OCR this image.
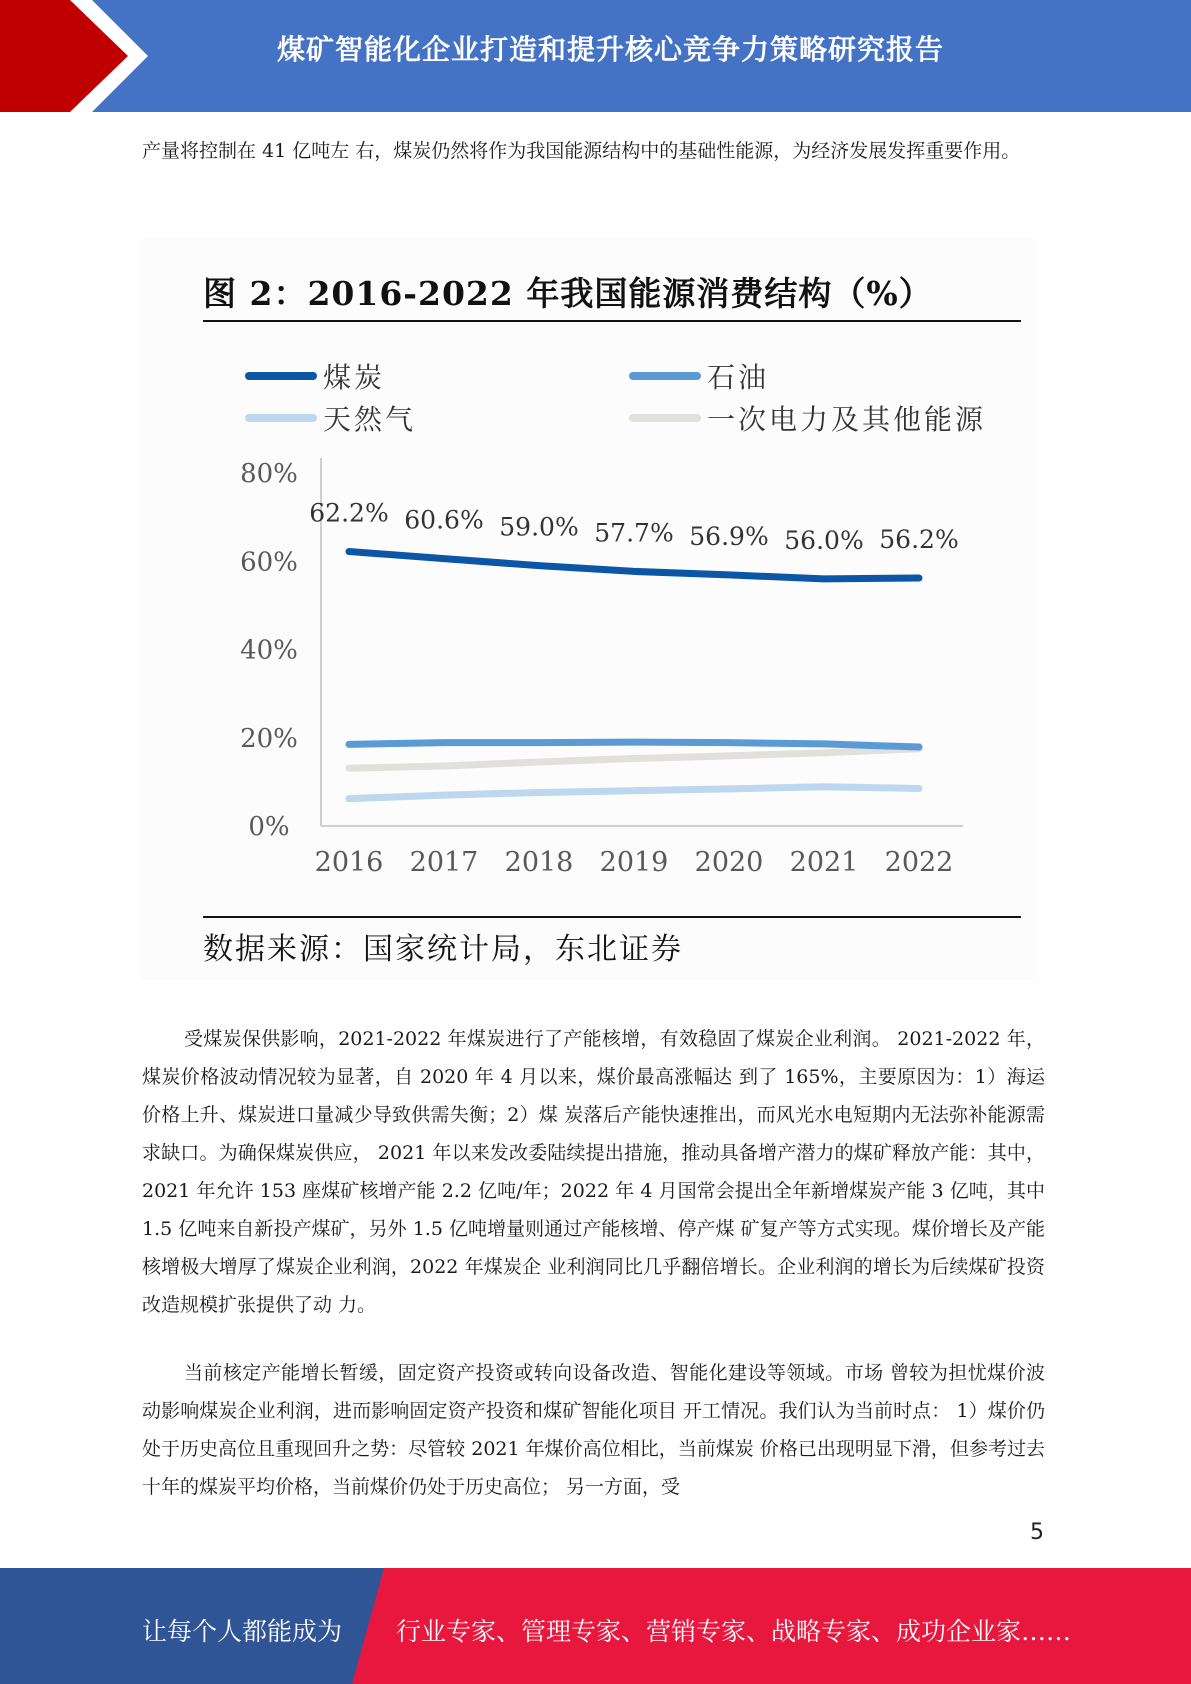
煤矿智能化企业打造和提升核心竞争力策略研究报告

产量将控制在 41 亿吨左 右，煤炭仍然将作为我国能源结构中的基础性能源，为经济发展发挥重要作用。

图 2：2016-2022 年我国能源消费结构（%）
煤炭	石油
天然气	一次电力及其他能源
0%
20%
40%
60%
80%
2016 2017 2018 2019 2020 2021 2022
62.2% 60.6% 59.0% 57.7% 56.9% 56.0% 56.2%
数据来源：国家统计局，东北证券

受煤炭保供影响，2021-2022 年煤炭进行了产能核增，有效稳固了煤炭企业利润。 2021-2022 年，煤炭价格波动情况较为显著，自 2020 年 4 月以来，煤价最高涨幅达 到了 165%，主要原因为：1）海运价格上升、煤炭进口量减少导致供需失衡；2）煤 炭落后产能快速推出，而风光水电短期内无法弥补能源需求缺口。为确保煤炭供应， 2021 年以来发改委陆续提出措施，推动具备增产潜力的煤矿释放产能：其中，2021 年允许 153 座煤矿核增产能 2.2 亿吨/年；2022 年 4 月国常会提出全年新增煤炭产能 3 亿吨，其中 1.5 亿吨来自新投产煤矿，另外 1.5 亿吨增量则通过产能核增、停产煤 矿复产等方式实现。煤价增长及产能核增极大增厚了煤炭企业利润，2022 年煤炭企 业利润同比几乎翻倍增长。企业利润的增长为后续煤矿投资改造规模扩张提供了动 力。

当前核定产能增长暂缓，固定资产投资或转向设备改造、智能化建设等领域。市场 曾较为担忧煤价波动影响煤炭企业利润，进而影响固定资产投资和煤矿智能化项目 开工情况。我们认为当前时点： 1）煤价仍处于历史高位且重现回升之势：尽管较 2021 年煤价高位相比，当前煤炭 价格已出现明显下滑，但参考过去十年的煤炭平均价格，当前煤价仍处于历史高位； 另一方面，受

5
让每个人都能成为 行业专家、管理专家、营销专家、战略专家、成功企业家……
